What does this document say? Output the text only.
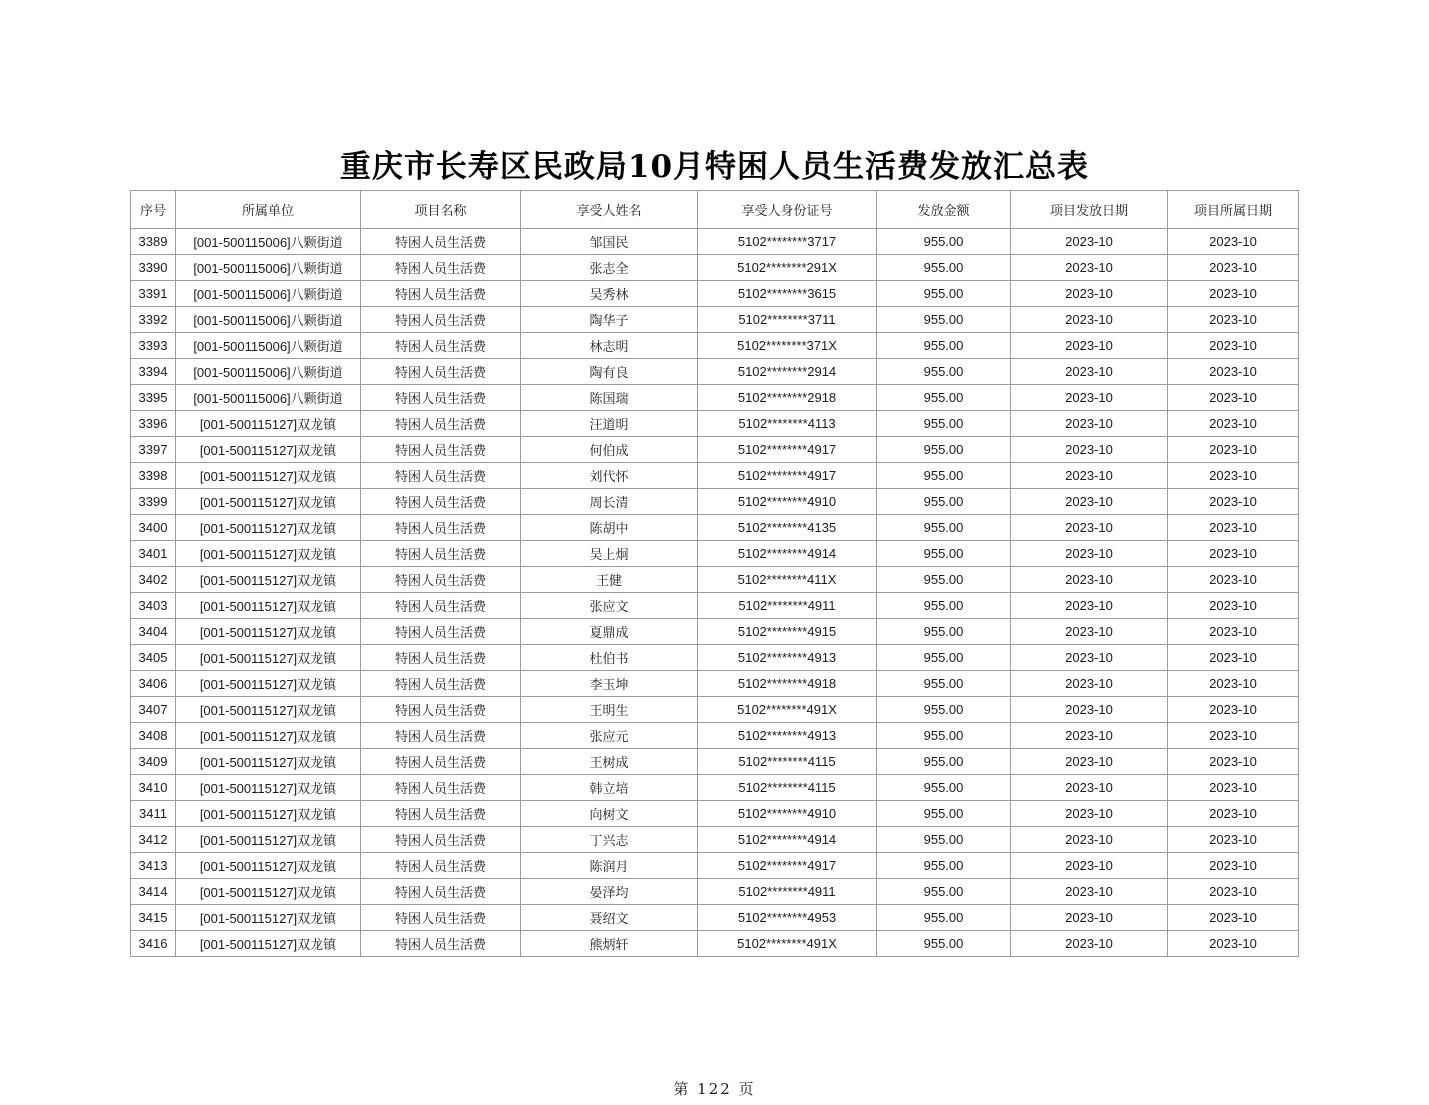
重庆市长寿区民政局10月特困人员生活费发放汇总表
序号	所属单位	项目名称	享受人姓名	享受人身份证号	发放金额	项目发放日期	项目所属日期
3389	[001-500115006]八颗街道	特困人员生活费	邹国民	5102********3717	955.00	2023-10	2023-10
3390	[001-500115006]八颗街道	特困人员生活费	张志全	5102********291X	955.00	2023-10	2023-10
3391	[001-500115006]八颗街道	特困人员生活费	吴秀林	5102********3615	955.00	2023-10	2023-10
3392	[001-500115006]八颗街道	特困人员生活费	陶华子	5102********3711	955.00	2023-10	2023-10
3393	[001-500115006]八颗街道	特困人员生活费	林志明	5102********371X	955.00	2023-10	2023-10
3394	[001-500115006]八颗街道	特困人员生活费	陶有良	5102********2914	955.00	2023-10	2023-10
3395	[001-500115006]八颗街道	特困人员生活费	陈国瑞	5102********2918	955.00	2023-10	2023-10
3396	[001-500115127]双龙镇	特困人员生活费	汪道明	5102********4113	955.00	2023-10	2023-10
3397	[001-500115127]双龙镇	特困人员生活费	何伯成	5102********4917	955.00	2023-10	2023-10
3398	[001-500115127]双龙镇	特困人员生活费	刘代怀	5102********4917	955.00	2023-10	2023-10
3399	[001-500115127]双龙镇	特困人员生活费	周长清	5102********4910	955.00	2023-10	2023-10
3400	[001-500115127]双龙镇	特困人员生活费	陈胡中	5102********4135	955.00	2023-10	2023-10
3401	[001-500115127]双龙镇	特困人员生活费	吴上炯	5102********4914	955.00	2023-10	2023-10
3402	[001-500115127]双龙镇	特困人员生活费	王健	5102********411X	955.00	2023-10	2023-10
3403	[001-500115127]双龙镇	特困人员生活费	张应文	5102********4911	955.00	2023-10	2023-10
3404	[001-500115127]双龙镇	特困人员生活费	夏鼎成	5102********4915	955.00	2023-10	2023-10
3405	[001-500115127]双龙镇	特困人员生活费	杜伯书	5102********4913	955.00	2023-10	2023-10
3406	[001-500115127]双龙镇	特困人员生活费	李玉坤	5102********4918	955.00	2023-10	2023-10
3407	[001-500115127]双龙镇	特困人员生活费	王明生	5102********491X	955.00	2023-10	2023-10
3408	[001-500115127]双龙镇	特困人员生活费	张应元	5102********4913	955.00	2023-10	2023-10
3409	[001-500115127]双龙镇	特困人员生活费	王树成	5102********4115	955.00	2023-10	2023-10
3410	[001-500115127]双龙镇	特困人员生活费	韩立培	5102********4115	955.00	2023-10	2023-10
3411	[001-500115127]双龙镇	特困人员生活费	向树文	5102********4910	955.00	2023-10	2023-10
3412	[001-500115127]双龙镇	特困人员生活费	丁兴志	5102********4914	955.00	2023-10	2023-10
3413	[001-500115127]双龙镇	特困人员生活费	陈润月	5102********4917	955.00	2023-10	2023-10
3414	[001-500115127]双龙镇	特困人员生活费	晏泽均	5102********4911	955.00	2023-10	2023-10
3415	[001-500115127]双龙镇	特困人员生活费	聂绍文	5102********4953	955.00	2023-10	2023-10
3416	[001-500115127]双龙镇	特困人员生活费	熊炳轩	5102********491X	955.00	2023-10	2023-10
第 122 页
